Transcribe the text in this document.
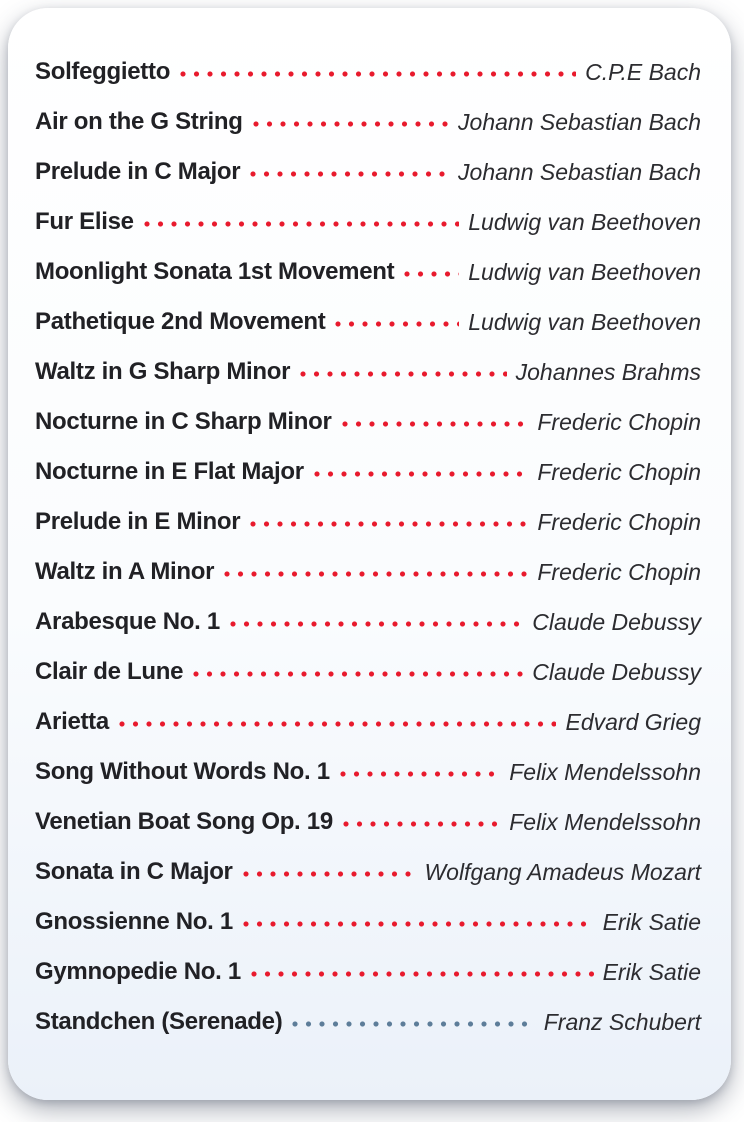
Solfeggietto	C.P.E Bach
Air on the G String	Johann Sebastian Bach
Prelude in C Major	Johann Sebastian Bach
Fur Elise	Ludwig van Beethoven
Moonlight Sonata 1st Movement	Ludwig van Beethoven
Pathetique 2nd Movement	Ludwig van Beethoven
Waltz in G Sharp Minor	Johannes Brahms
Nocturne in C Sharp Minor	Frederic Chopin
Nocturne in E Flat Major	Frederic Chopin
Prelude in E Minor	Frederic Chopin
Waltz in A Minor	Frederic Chopin
Arabesque No. 1	Claude Debussy
Clair de Lune	Claude Debussy
Arietta	Edvard Grieg
Song Without Words No. 1	Felix Mendelssohn
Venetian Boat Song Op. 19	Felix Mendelssohn
Sonata in C Major	Wolfgang Amadeus Mozart
Gnossienne No. 1	Erik Satie
Gymnopedie No. 1	Erik Satie
Standchen (Serenade)	Franz Schubert
